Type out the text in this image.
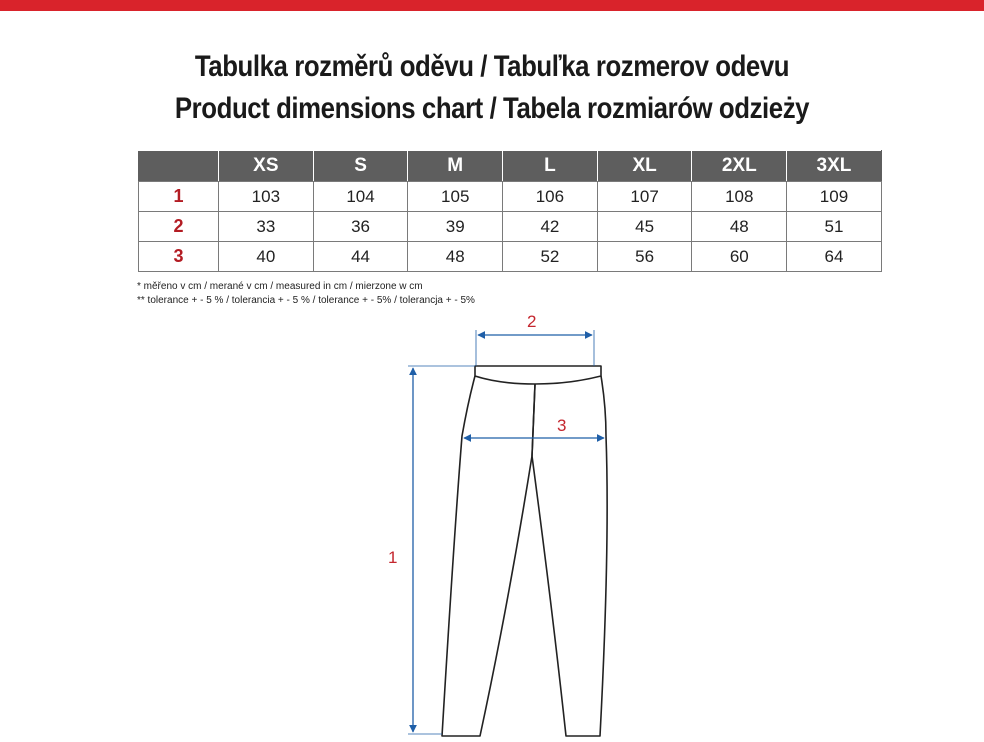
Tabulka rozměrů oděvu / Tabuľka rozmerov odevu
Product dimensions chart / Tabela rozmiarów odzieży
	XS	S	M	L	XL	2XL	3XL
1	103	104	105	106	107	108	109
2	33	36	39	42	45	48	51
3	40	44	48	52	56	60	64
* měřeno v cm / merané v cm / measured in cm / mierzone w cm
** tolerance + - 5 % / tolerancia + - 5 % / tolerance + - 5% / tolerancja + - 5%
1
2
3
